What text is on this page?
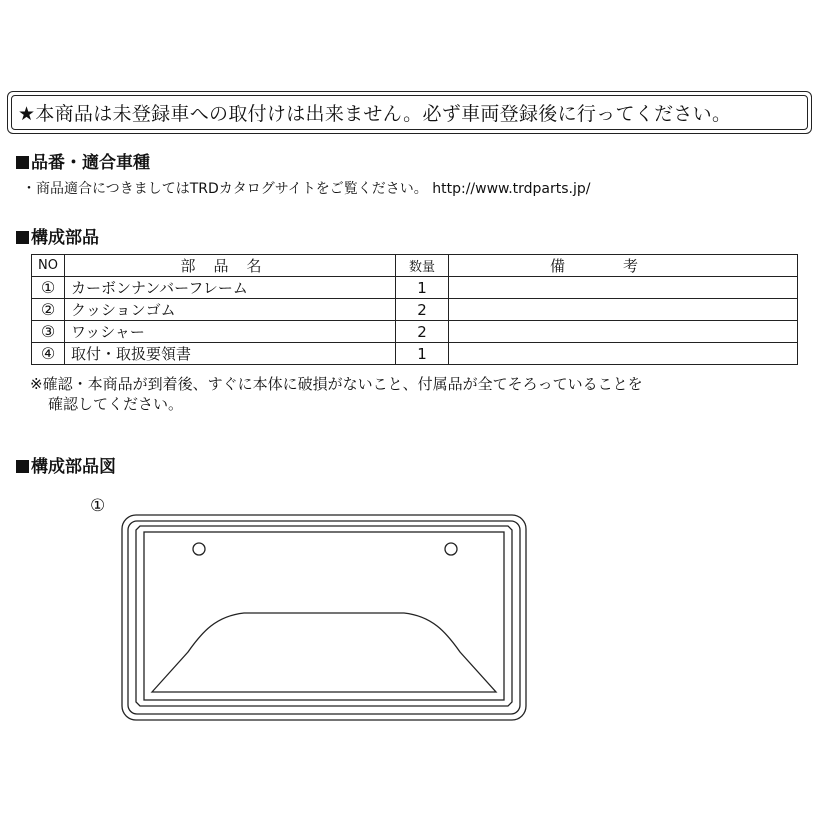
★本商品は未登録車への取付けは出来ません。必ず車両登録後に行ってください。
品番・適合車種
・商品適合につきましてはTRDカタログサイトをご覧ください。 http://www.trdparts.jp/
構成部品
NO	部品名	数量	備考
①	カーボンナンバーフレーム	1	
②	クッションゴム	2	
③	ワッシャー	2	
④	取付・取扱要領書	1	
※確認・本商品が到着後、すぐに本体に破損がないこと、付属品が全てそろっていることを
確認してください。
構成部品図
①
